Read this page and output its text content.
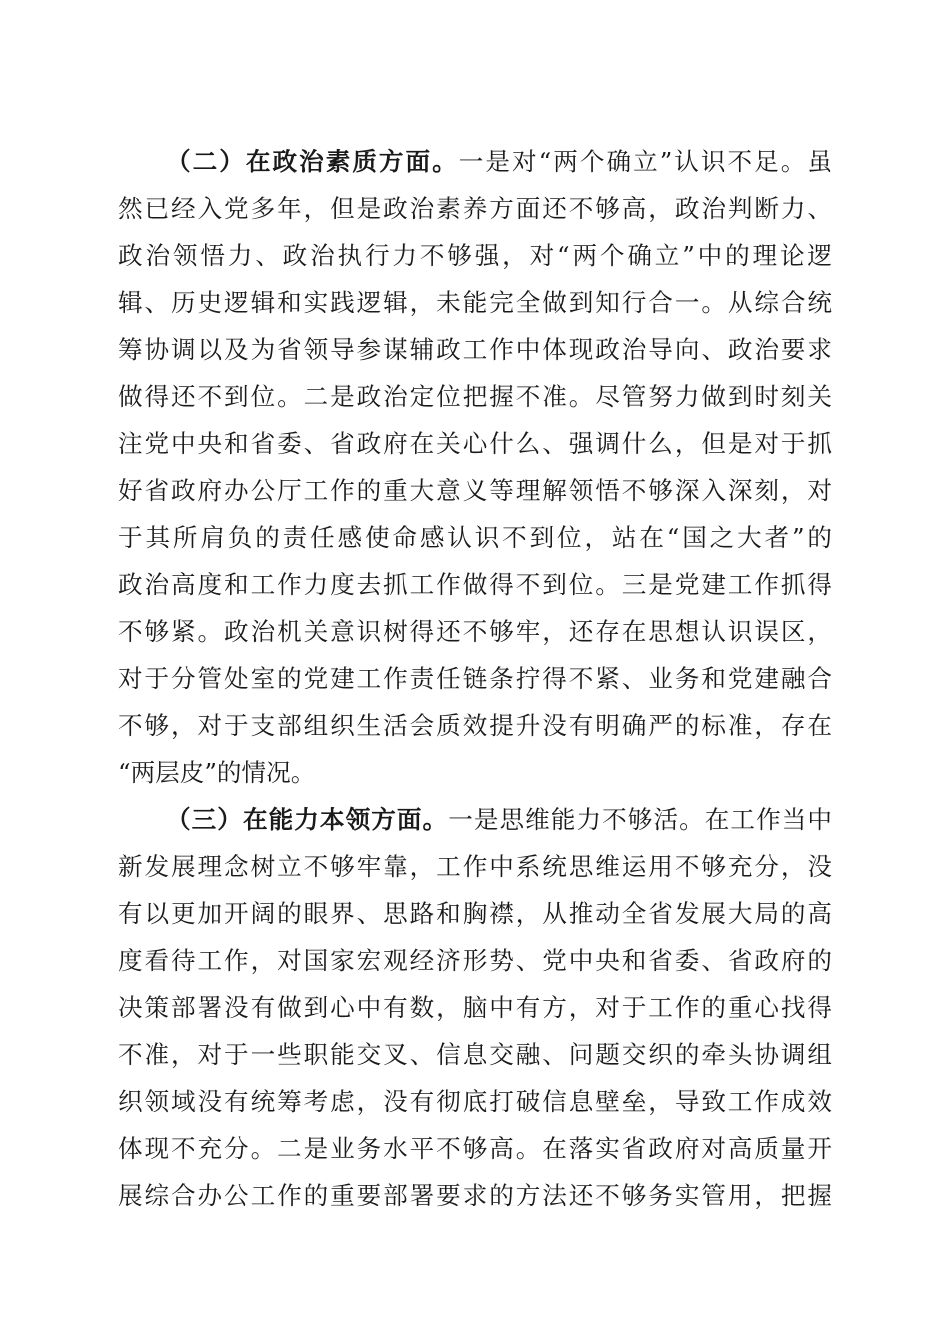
（二）在政治素质方面。一是对“两个确立”认识不足。虽
然已经入党多年，但是政治素养方面还不够高，政治判断力、
政治领悟力、政治执行力不够强，对“两个确立”中的理论逻
辑、历史逻辑和实践逻辑，未能完全做到知行合一。从综合统
筹协调以及为省领导参谋辅政工作中体现政治导向、政治要求
做得还不到位。二是政治定位把握不准。尽管努力做到时刻关
注党中央和省委、省政府在关心什么、强调什么，但是对于抓
好省政府办公厅工作的重大意义等理解领悟不够深入深刻，对
于其所肩负的责任感使命感认识不到位，站在“国之大者”的
政治高度和工作力度去抓工作做得不到位。三是党建工作抓得
不够紧。政治机关意识树得还不够牢，还存在思想认识误区，
对于分管处室的党建工作责任链条拧得不紧、业务和党建融合
不够，对于支部组织生活会质效提升没有明确严的标准，存在
“两层皮”的情况。
（三）在能力本领方面。一是思维能力不够活。在工作当中
新发展理念树立不够牢靠，工作中系统思维运用不够充分，没
有以更加开阔的眼界、思路和胸襟，从推动全省发展大局的高
度看待工作，对国家宏观经济形势、党中央和省委、省政府的
决策部署没有做到心中有数，脑中有方，对于工作的重心找得
不准，对于一些职能交叉、信息交融、问题交织的牵头协调组
织领域没有统筹考虑，没有彻底打破信息壁垒，导致工作成效
体现不充分。二是业务水平不够高。在落实省政府对高质量开
展综合办公工作的重要部署要求的方法还不够务实管用，把握
